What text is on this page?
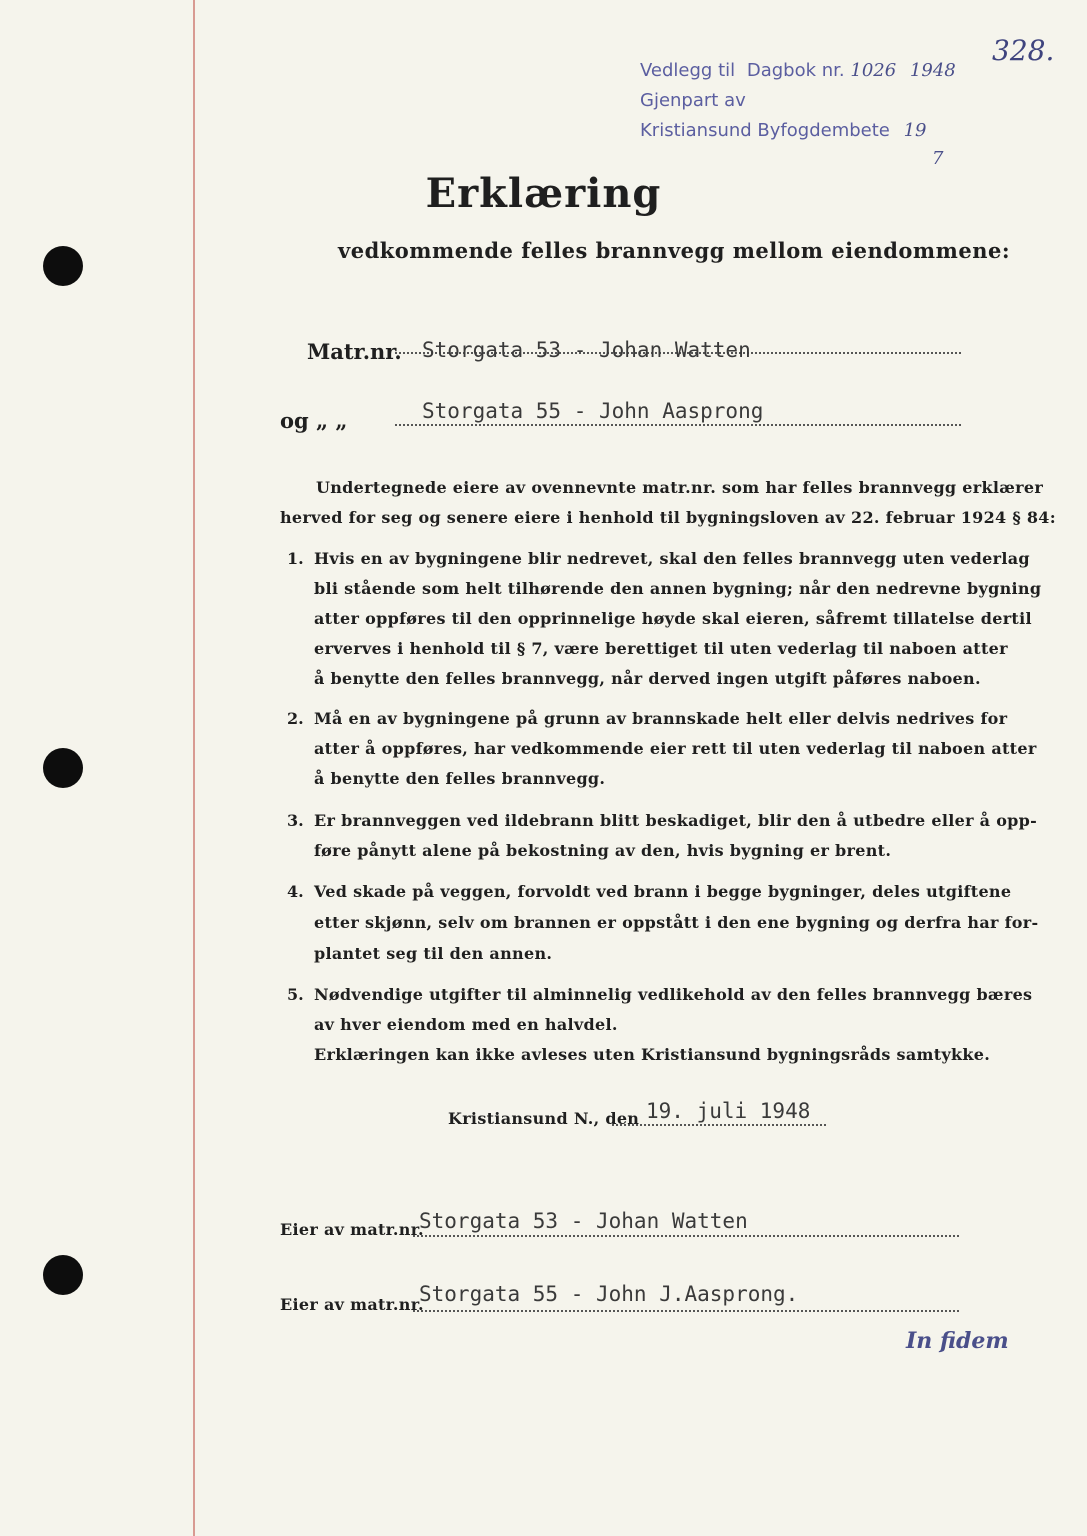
328.
Vedlegg til Dagbok nr. 1026 1948
Gjenpart av
Kristiansund Byfogdembete 19
7
Erklæring
vedkommende felles brannvegg mellom eiendommene:
Matr.nr. Storgata 53 - Johan Watten
og „ „	Storgata 55 - John Aasprong
Undertegnede eiere av ovennevnte matr.nr. som har felles brannvegg erklærer
herved for seg og senere eiere i henhold til bygningsloven av 22. februar 1924 § 84:
1. Hvis en av bygningene blir nedrevet, skal den felles brannvegg uten vederlag
bli stående som helt tilhørende den annen bygning; når den nedrevne bygning
atter oppføres til den opprinnelige høyde skal eieren, såfremt tillatelse dertil
erverves i henhold til § 7, være berettiget til uten vederlag til naboen atter
å benytte den felles brannvegg, når derved ingen utgift påføres naboen.
2. Må en av bygningene på grunn av brannskade helt eller delvis nedrives for
atter å oppføres, har vedkommende eier rett til uten vederlag til naboen atter
å benytte den felles brannvegg.
3. Er brannveggen ved ildebrann blitt beskadiget, blir den å utbedre eller å opp-
føre pånytt alene på bekostning av den, hvis bygning er brent.
4. Ved skade på veggen, forvoldt ved brann i begge bygninger, deles utgiftene
etter skjønn, selv om brannen er oppstått i den ene bygning og derfra har for-
plantet seg til den annen.
5. Nødvendige utgifter til alminnelig vedlikehold av den felles brannvegg bæres
av hver eiendom med en halvdel.
Erklæringen kan ikke avleses uten Kristiansund bygningsråds samtykke.
Kristiansund N., den 19. juli 1948
Eier av matr.nr.
Storgata 53 - Johan Watten
Eier av matr.nr.
Storgata 55 - John J.Aasprong.
In fidem
